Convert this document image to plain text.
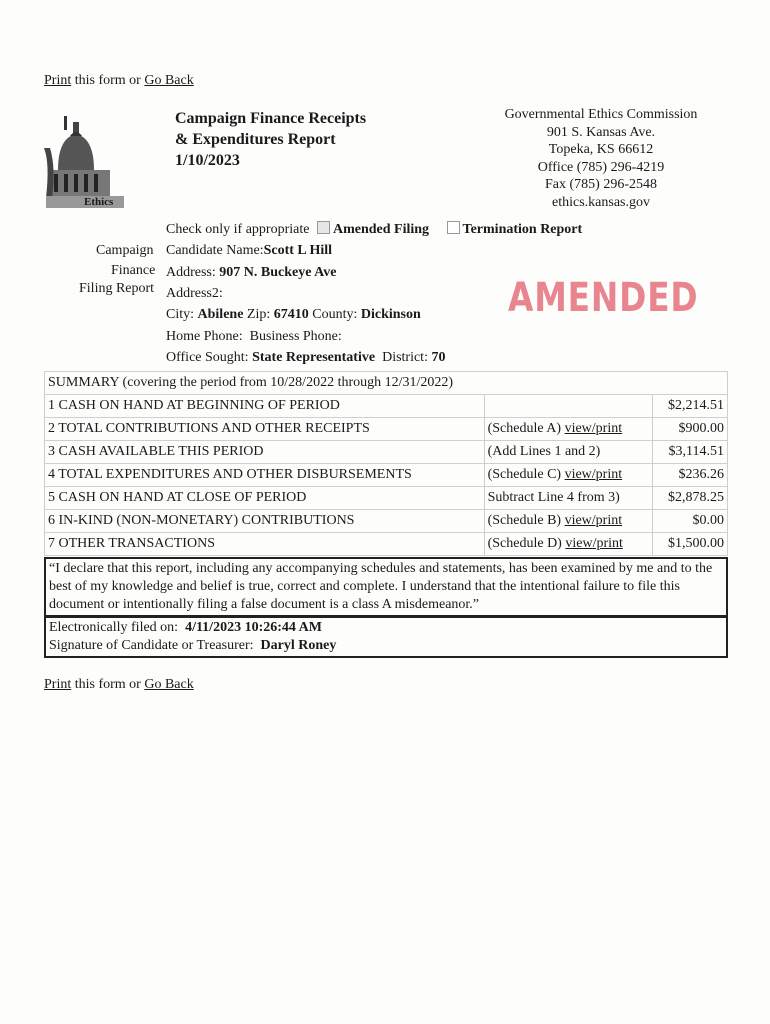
Print this form or Go Back
Ethics
Campaign Finance Receipts
& Expenditures Report
1/10/2023
Governmental Ethics Commission
901 S. Kansas Ave.
Topeka, KS 66612
Office (785) 296-4219
Fax (785) 296-2548
ethics.kansas.gov
Check only if appropriate Amended Filing Termination Report
Campaign
Finance
Filing Report
Candidate Name:Scott L Hill
Address: 907 N. Buckeye Ave
Address2:
City: Abilene Zip: 67410 County: Dickinson
Home Phone: Business Phone:
Office Sought: State Representative District: 70
AMENDED
SUMMARY (covering the period from 10/28/2022 through 12/31/2022)		
1 CASH ON HAND AT BEGINNING OF PERIOD		$2,214.51
2 TOTAL CONTRIBUTIONS AND OTHER RECEIPTS	(Schedule A) view/print	$900.00
3 CASH AVAILABLE THIS PERIOD	(Add Lines 1 and 2)	$3,114.51
4 TOTAL EXPENDITURES AND OTHER DISBURSEMENTS	(Schedule C) view/print	$236.26
5 CASH ON HAND AT CLOSE OF PERIOD	Subtract Line 4 from 3)	$2,878.25
6 IN-KIND (NON-MONETARY) CONTRIBUTIONS	(Schedule B) view/print	$0.00
7 OTHER TRANSACTIONS	(Schedule D) view/print	$1,500.00
“I declare that this report, including any accompanying schedules and statements, has been examined by me and to the best of my knowledge and belief is true, correct and complete. I understand that the intentional failure to file this document or intentionally filing a false document is a class A misdemeanor.”
Electronically filed on: 4/11/2023 10:26:44 AM
Signature of Candidate or Treasurer: Daryl Roney
Print this form or Go Back
